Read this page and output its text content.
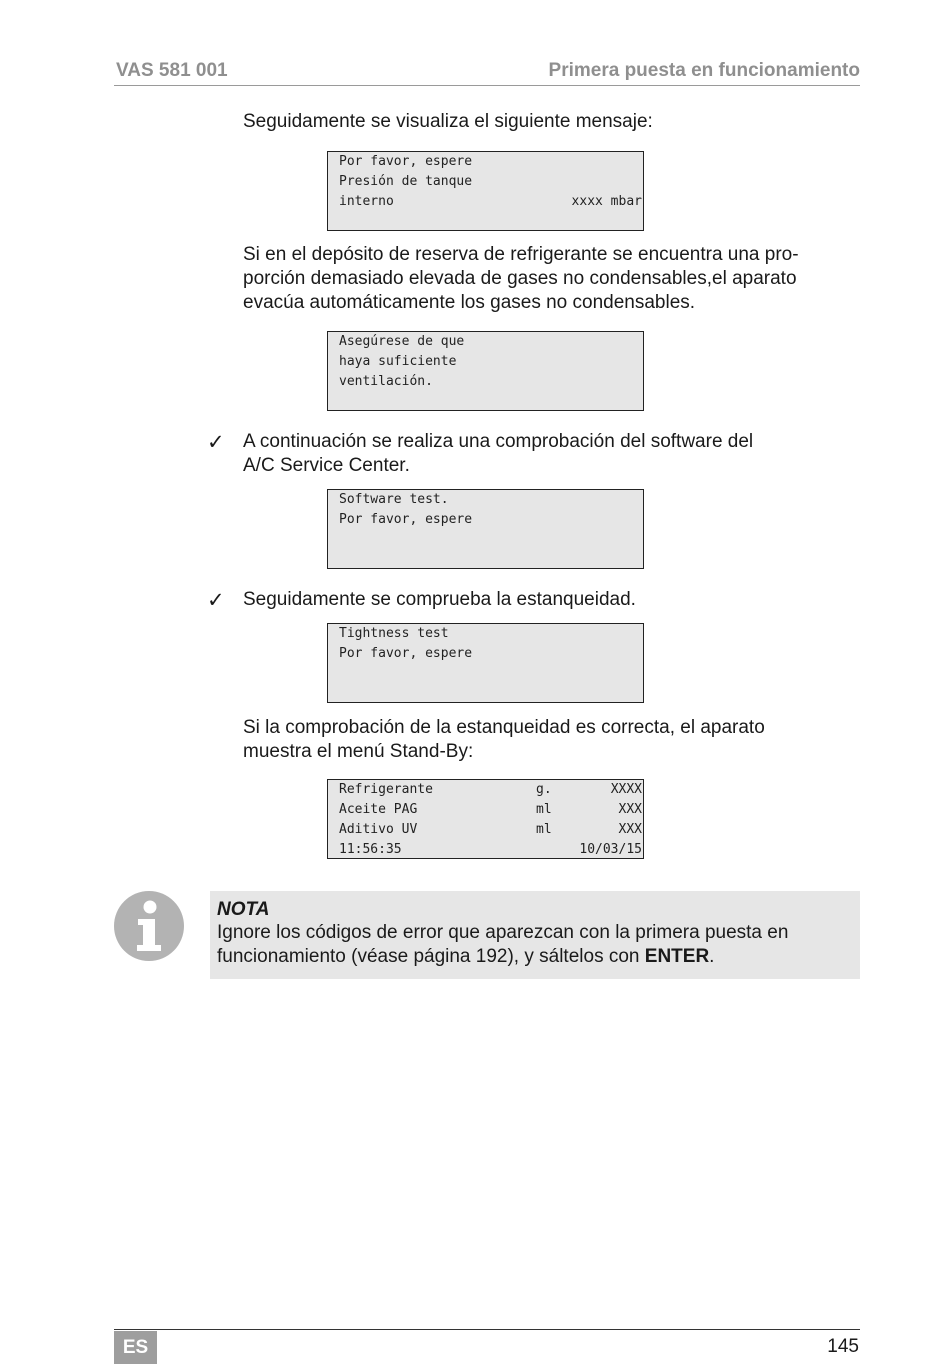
VAS 581 001	Primera puesta en funcionamiento
Seguidamente se visualiza el siguiente mensaje:
Por favor, espere
Presión de tanque
interno	xxxx mbar
Si en el depósito de reserva de refrigerante se encuentra una pro-
porción demasiado elevada de gases no condensables,el aparato
evacúa automáticamente los gases no condensables.
Asegúrese de que
haya suficiente
ventilación.
✓ A continuación se realiza una comprobación del software del
A/C Service Center.
Software test.
Por favor, espere
✓ Seguidamente se comprueba la estanqueidad.
Tightness test
Por favor, espere
Si la comprobación de la estanqueidad es correcta, el aparato
muestra el menú Stand-By:
Refrigerante	g.	XXXX
Aceite PAG	ml	XXX
Aditivo UV	ml	XXX
11:56:35	10/03/15
NOTA
Ignore los códigos de error que aparezcan con la primera puesta en
funcionamiento (véase página 192), y sáltelos con ENTER.
ES	145
